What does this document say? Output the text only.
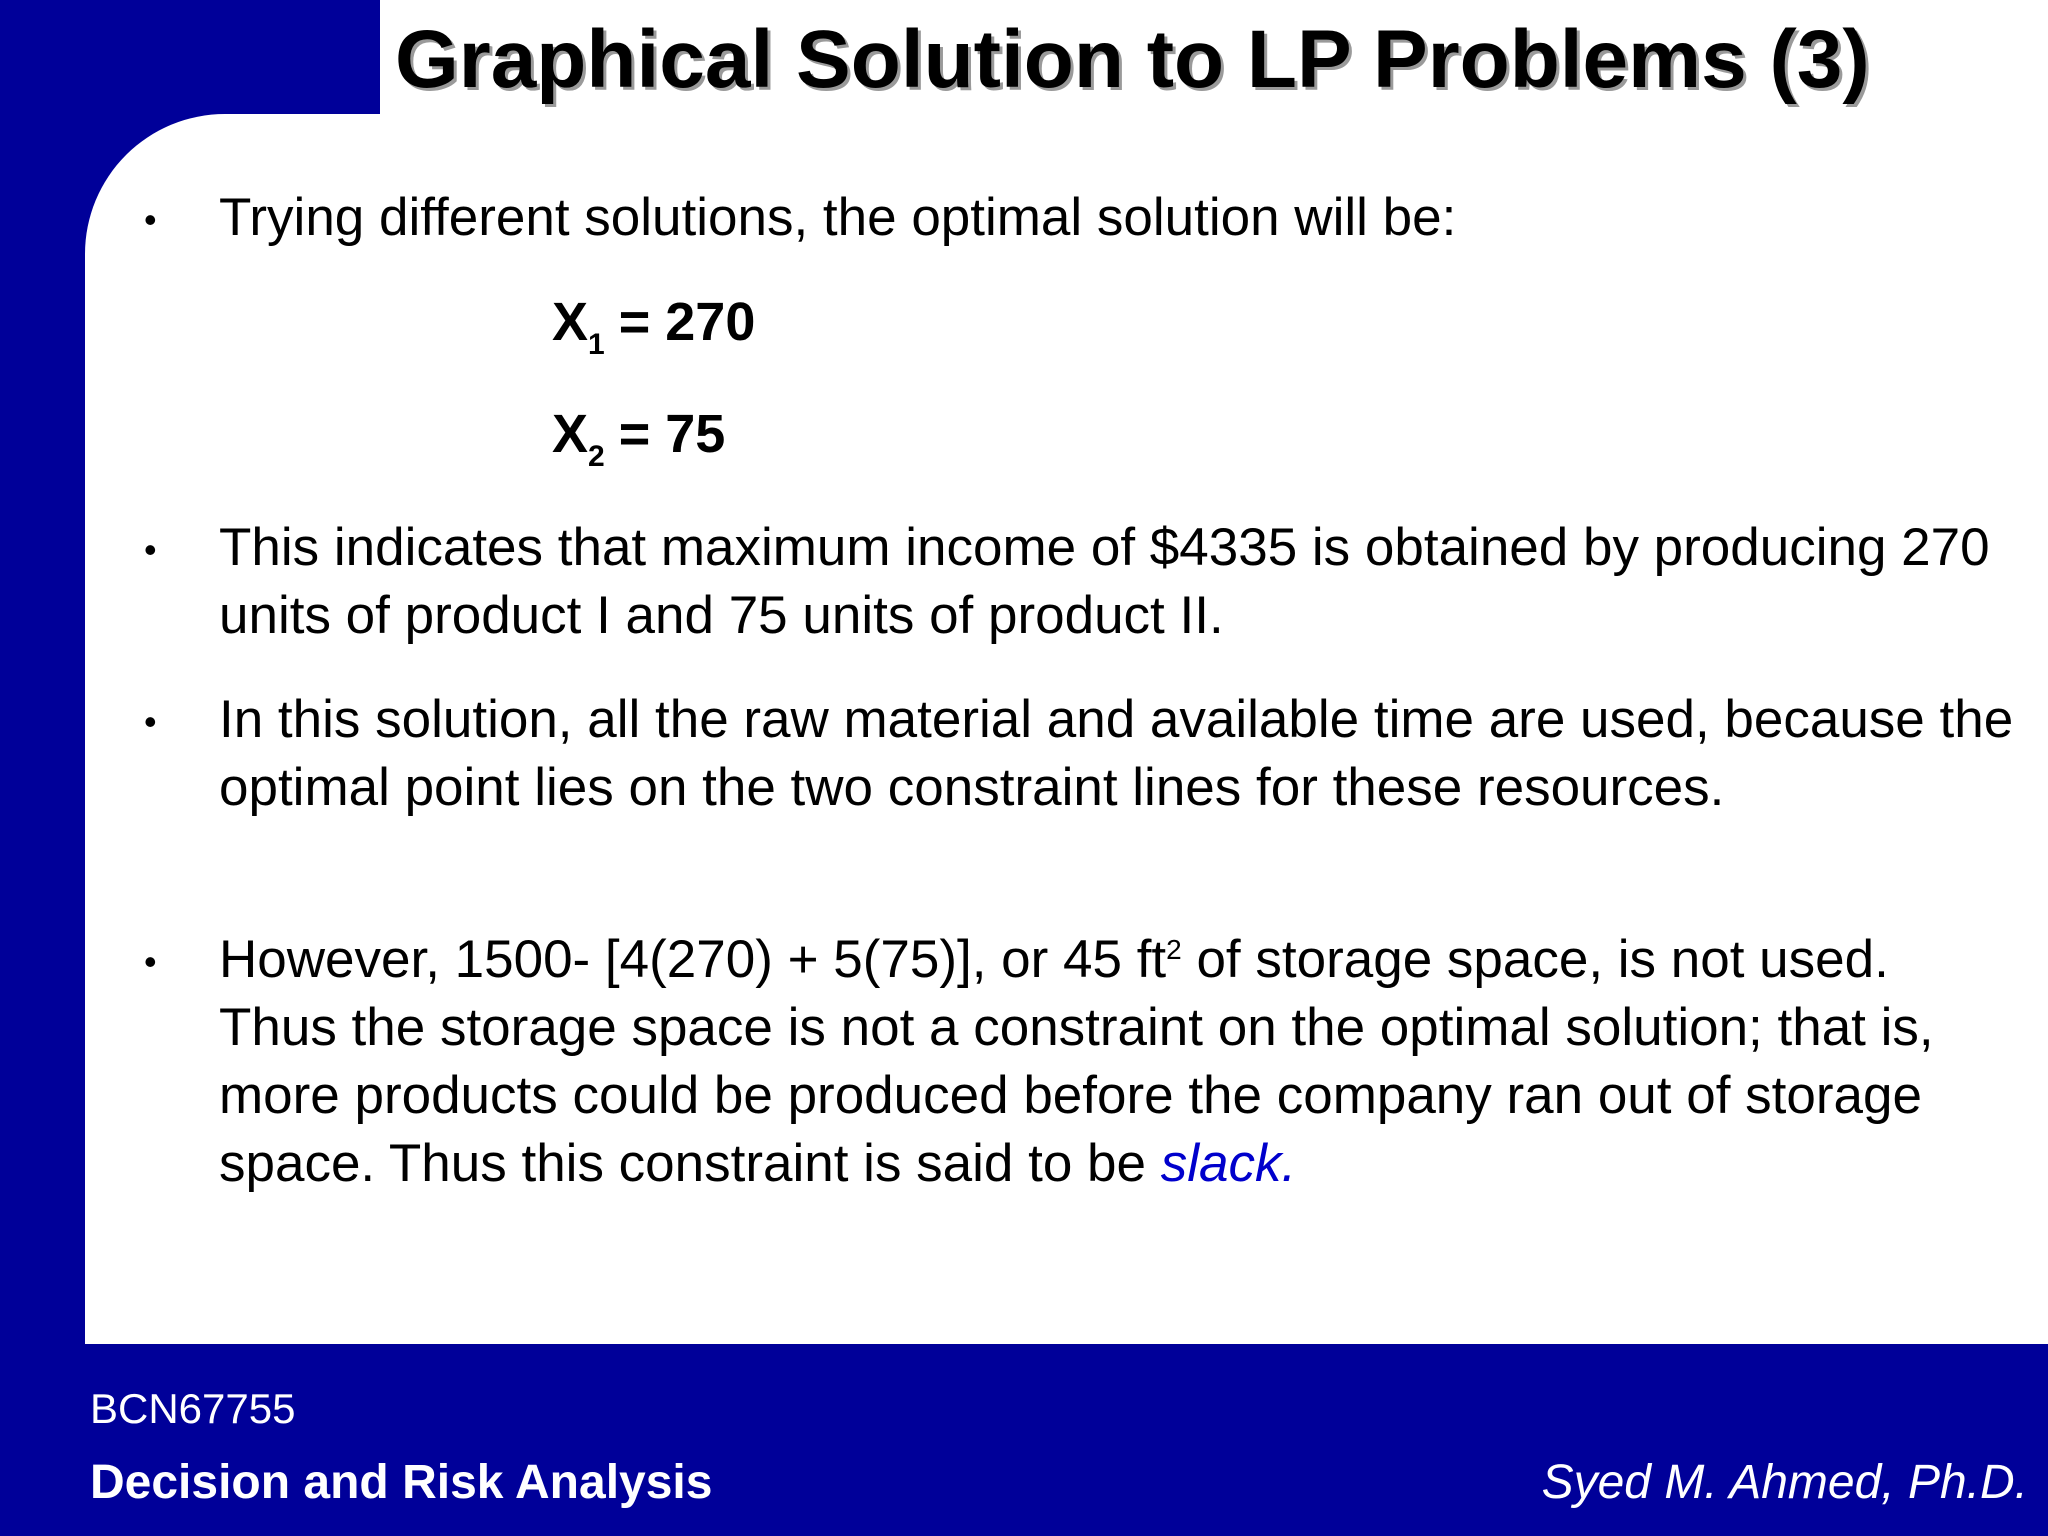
Graphical Solution to LP Problems (3)
• Trying different solutions, the optimal solution will be:
$X_1 = 270$
$X_2 = 75$
• This indicates that maximum income of $4335 is obtained by producing 270 units of product I and 75 units of product II.
• In this solution, all the raw material and available time are used, because the optimal point lies on the two constraint lines for these resources.
• However, 1500- [4(270) + 5(75)], or 45 $ft^2$ of storage space, is not used. Thus the storage space is not a constraint on the optimal solution; that is, more products could be produced before the company ran out of storage space. Thus this constraint is said to be slack.
BCN67755
Decision and Risk Analysis	Syed M. Ahmed, Ph.D.
